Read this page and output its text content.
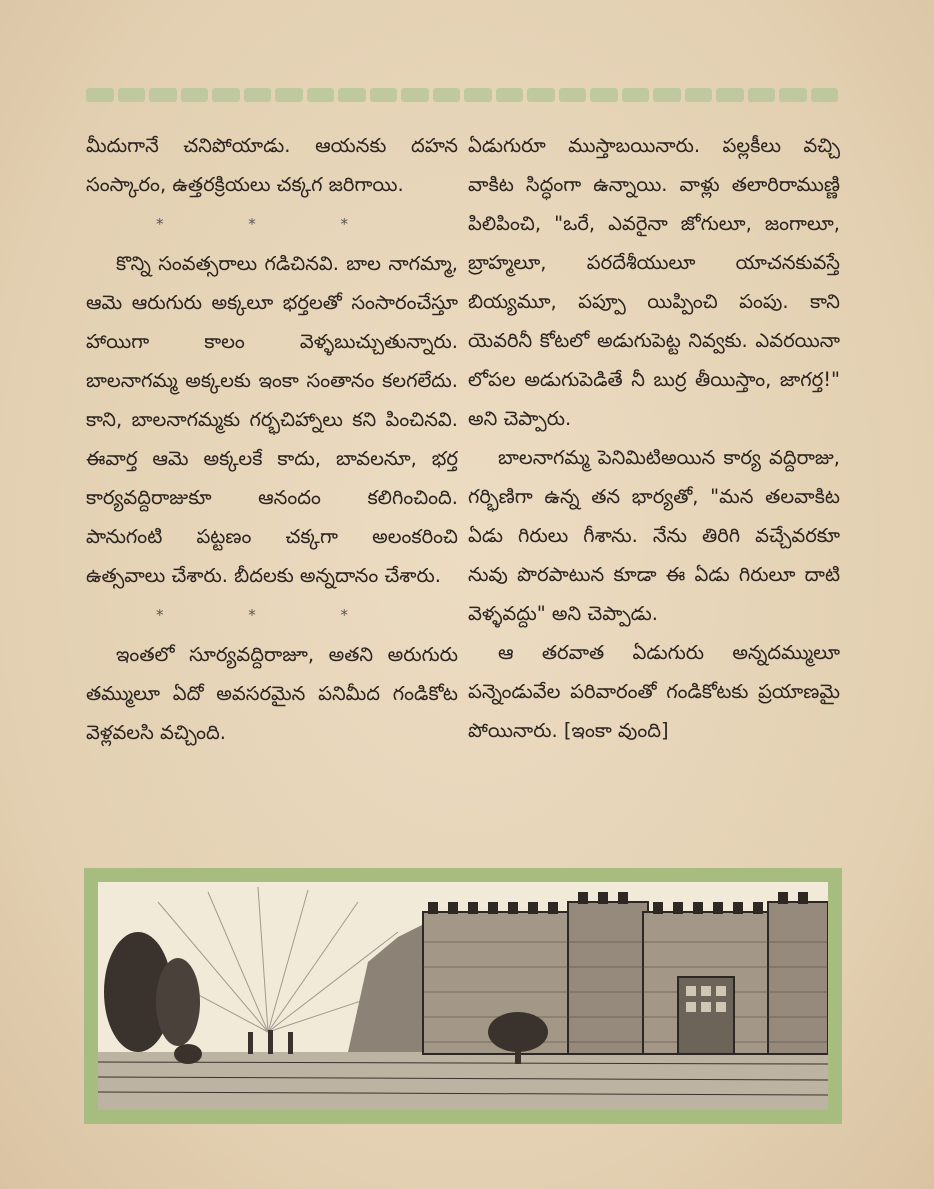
మీదుగానే చనిపోయాడు. ఆయనకు దహన సంస్కారం, ఉత్తరక్రియలు చక్కగ జరిగాయి.

* * *

కొన్ని సంవత్సరాలు గడిచినవి. బాల నాగమ్మా, ఆమె ఆరుగురు అక్కలూ భర్తలతో సంసారంచేస్తూ హాయిగా కాలం వెళ్ళబుచ్చుతున్నారు. బాలనాగమ్మ అక్కలకు ఇంకా సంతానం కలగలేదు. కాని, బాలనాగమ్మకు గర్భచిహ్నాలు కని పించినవి. ఈవార్త ఆమె అక్కలకే కాదు, బావలనూ, భర్త కార్యవద్దిరాజుకూ ఆనందం కలిగించింది. పానుగంటి పట్టణం చక్కగా అలంకరించి ఉత్సవాలు చేశారు. బీదలకు అన్నదానం చేశారు.

* * *

ఇంతలో సూర్యవద్దిరాజూ, అతని అరుగురు తమ్ములూ ఏదో అవసరమైన పనిమీద గండికోట వెళ్లవలసి వచ్చింది.

ఏడుగురూ ముస్తాబయినారు. పల్లకీలు వచ్చి వాకిట సిద్ధంగా ఉన్నాయి. వాళ్లు తలారిరాముణ్ణి పిలిపించి, "ఒరే, ఎవరైనా జోగులూ, జంగాలూ, బ్రాహ్మలూ, పరదేశీయులూ యాచనకువస్తే బియ్యమూ, పప్పూ యిప్పించి పంపు. కాని యెవరినీ కోటలో అడుగుపెట్ట నివ్వకు. ఎవరయినా లోపల అడుగుపెడితే నీ బుర్ర తీయిస్తాం, జాగర్త!" అని చెప్పారు.

బాలనాగమ్మ పెనిమిటిఅయిన కార్య వద్దిరాజు, గర్భిణిగా ఉన్న తన భార్యతో, "మన తలవాకిట ఏడు గిరులు గీశాను. నేను తిరిగి వచ్చేవరకూ నువు పొరపాటున కూడా ఈ ఏడు గిరులూ దాటి వెళ్ళవద్దు" అని చెప్పాడు.

ఆ తరవాత ఏడుగురు అన్నదమ్ములూ పన్నెండువేల పరివారంతో గండికోటకు ప్రయాణమై పోయినారు. [ఇంకా వుంది]
